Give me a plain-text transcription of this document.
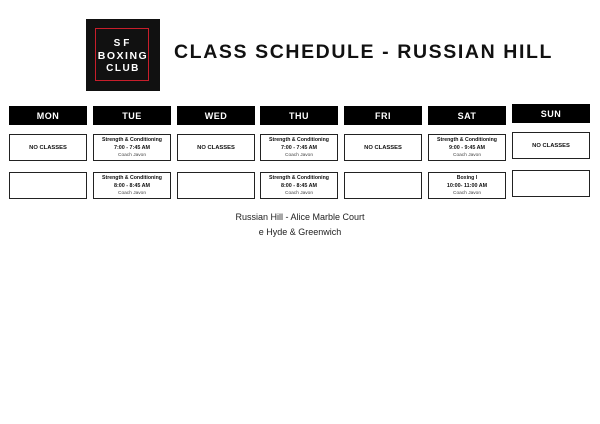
SF
BOXING
CLUB
CLASS SCHEDULE - RUSSIAN HILL
MON
NO CLASSES
TUE
Strength & Conditioning
7:00 - 7:45 AM
Coach Javon
Strength & Conditioning
8:00 - 8:45 AM
Coach Javon
WED
NO CLASSES
THU
Strength & Conditioning
7:00 - 7:45 AM
Coach Javon
Strength & Conditioning
8:00 - 8:45 AM
Coach Javon
FRI
NO CLASSES
SAT
Strength & Conditioning
9:00 - 9:45 AM
Coach Javon
Boxing I
10:00- 11:00 AM
Coach Javon
SUN
NO CLASSES
Russian Hill - Alice Marble Court
e Hyde & Greenwich
